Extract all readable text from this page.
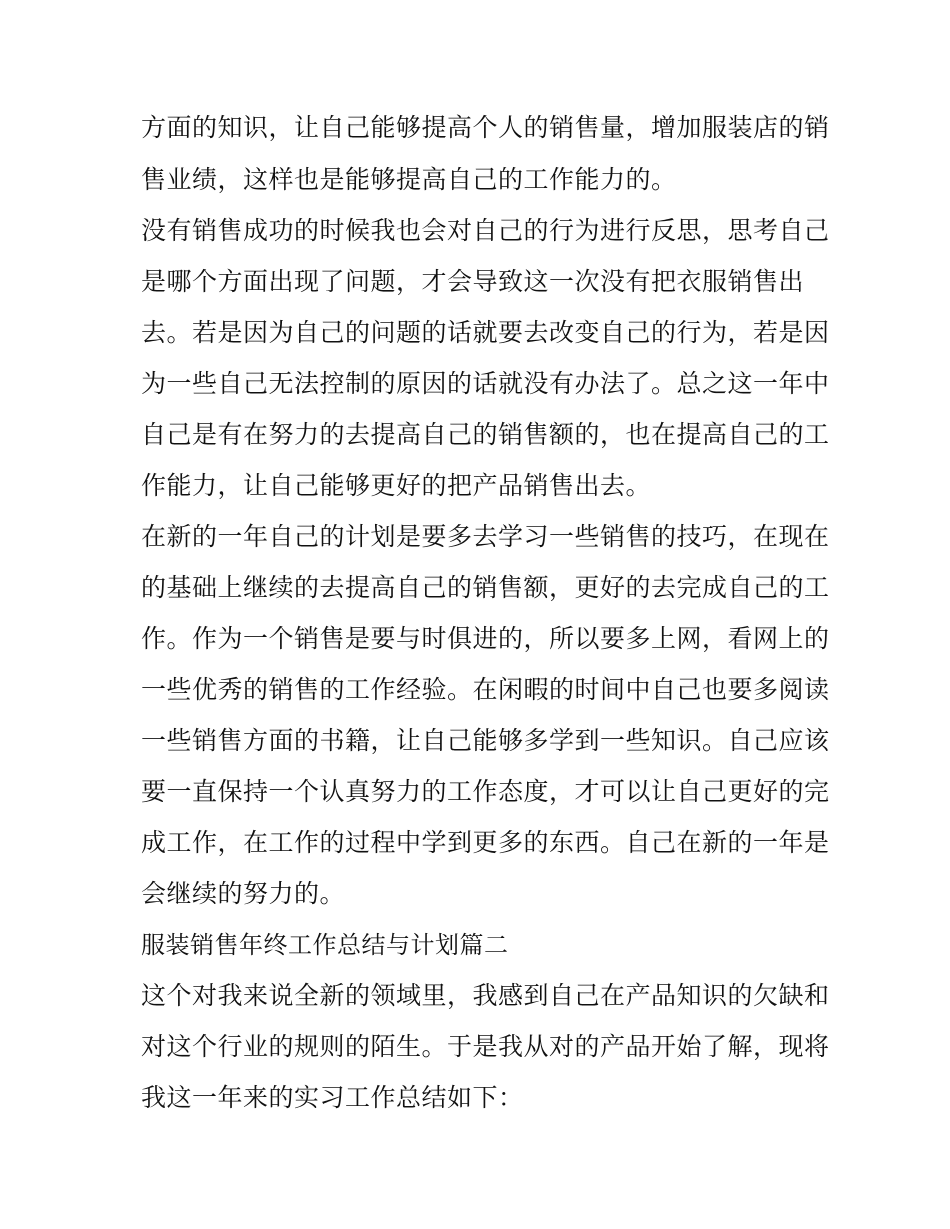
方面的知识，让自己能够提高个人的销售量，增加服装店的销
售业绩，这样也是能够提高自己的工作能力的。
没有销售成功的时候我也会对自己的行为进行反思，思考自己
是哪个方面出现了问题，才会导致这一次没有把衣服销售出
去。若是因为自己的问题的话就要去改变自己的行为，若是因
为一些自己无法控制的原因的话就没有办法了。总之这一年中
自己是有在努力的去提高自己的销售额的，也在提高自己的工
作能力，让自己能够更好的把产品销售出去。
在新的一年自己的计划是要多去学习一些销售的技巧，在现在
的基础上继续的去提高自己的销售额，更好的去完成自己的工
作。作为一个销售是要与时俱进的，所以要多上网，看网上的
一些优秀的销售的工作经验。在闲暇的时间中自己也要多阅读
一些销售方面的书籍，让自己能够多学到一些知识。自己应该
要一直保持一个认真努力的工作态度，才可以让自己更好的完
成工作，在工作的过程中学到更多的东西。自己在新的一年是
会继续的努力的。
服装销售年终工作总结与计划篇二
这个对我来说全新的领域里，我感到自己在产品知识的欠缺和
对这个行业的规则的陌生。于是我从对的产品开始了解，现将
我这一年来的实习工作总结如下：
